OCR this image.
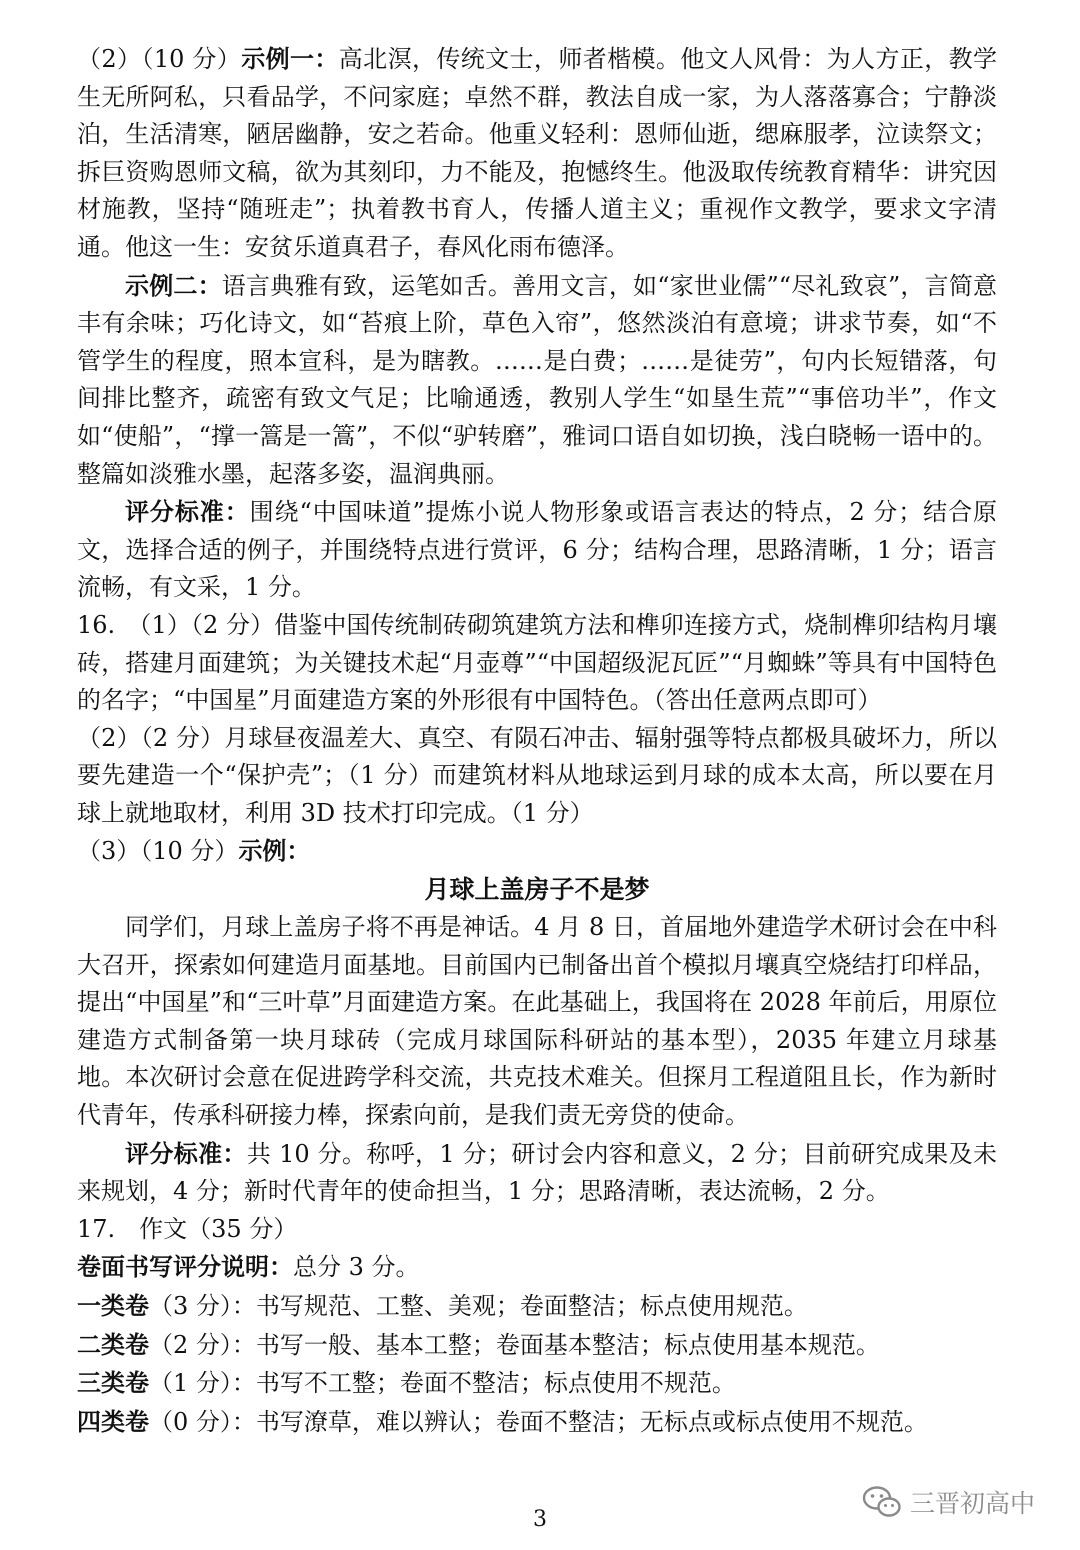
（2）（10 分）示例一：高北溟，传统文士，师者楷模。他文人风骨：为人方正，教学生无所阿私，只看品学，不问家庭；卓然不群，教法自成一家，为人落落寡合；宁静淡泊，生活清寒，陋居幽静，安之若命。他重义轻利：恩师仙逝，缌麻服孝，泣读祭文；拆巨资购恩师文稿，欲为其刻印，力不能及，抱憾终生。他汲取传统教育精华：讲究因材施教，坚持“随班走”；执着教书育人，传播人道主义；重视作文教学，要求文字清通。他这一生：安贫乐道真君子，春风化雨布德泽。

示例二：语言典雅有致，运笔如舌。善用文言，如“家世业儒”“尽礼致哀”，言简意丰有余味；巧化诗文，如“苔痕上阶，草色入帘”，悠然淡泊有意境；讲求节奏，如“不管学生的程度，照本宣科，是为瞎教。……是白费；……是徒劳”，句内长短错落，句间排比整齐，疏密有致文气足；比喻通透，教别人学生“如垦生荒”“事倍功半”，作文如“使船”，“撑一篙是一篙”，不似“驴转磨”，雅词口语自如切换，浅白晓畅一语中的。整篇如淡雅水墨，起落多姿，温润典丽。

评分标准：围绕“中国味道”提炼小说人物形象或语言表达的特点，2 分；结合原文，选择合适的例子，并围绕特点进行赏评，6 分；结构合理，思路清晰，1 分；语言流畅，有文采，1 分。

16.　（1）（2 分）借鉴中国传统制砖砌筑建筑方法和榫卯连接方式，烧制榫卯结构月壤砖，搭建月面建筑；为关键技术起“月壶尊”“中国超级泥瓦匠”“月蜘蛛”等具有中国特色的名字；“中国星”月面建造方案的外形很有中国特色。（答出任意两点即可）

（2）（2 分）月球昼夜温差大、真空、有陨石冲击、辐射强等特点都极具破坏力，所以要先建造一个“保护壳”；（1 分）而建筑材料从地球运到月球的成本太高，所以要在月球上就地取材，利用 3D 技术打印完成。（1 分）

（3）（10 分）示例：

月球上盖房子不是梦

同学们，月球上盖房子将不再是神话。4 月 8 日，首届地外建造学术研讨会在中科大召开，探索如何建造月面基地。目前国内已制备出首个模拟月壤真空烧结打印样品，提出“中国星”和“三叶草”月面建造方案。在此基础上，我国将在 2028 年前后，用原位建造方式制备第一块月球砖（完成月球国际科研站的基本型），2035 年建立月球基地。本次研讨会意在促进跨学科交流，共克技术难关。但探月工程道阻且长，作为新时代青年，传承科研接力棒，探索向前，是我们责无旁贷的使命。

评分标准：共 10 分。称呼，1 分；研讨会内容和意义，2 分；目前研究成果及未来规划，4 分；新时代青年的使命担当，1 分；思路清晰，表达流畅，2 分。

17.　作文（35 分）

卷面书写评分说明：总分 3 分。

一类卷（3 分）：书写规范、工整、美观；卷面整洁；标点使用规范。

二类卷（2 分）：书写一般、基本工整；卷面基本整洁；标点使用基本规范。

三类卷（1 分）：书写不工整；卷面不整洁；标点使用不规范。

四类卷（0 分）：书写潦草，难以辨认；卷面不整洁；无标点或标点使用不规范。

三晋初高中
3
